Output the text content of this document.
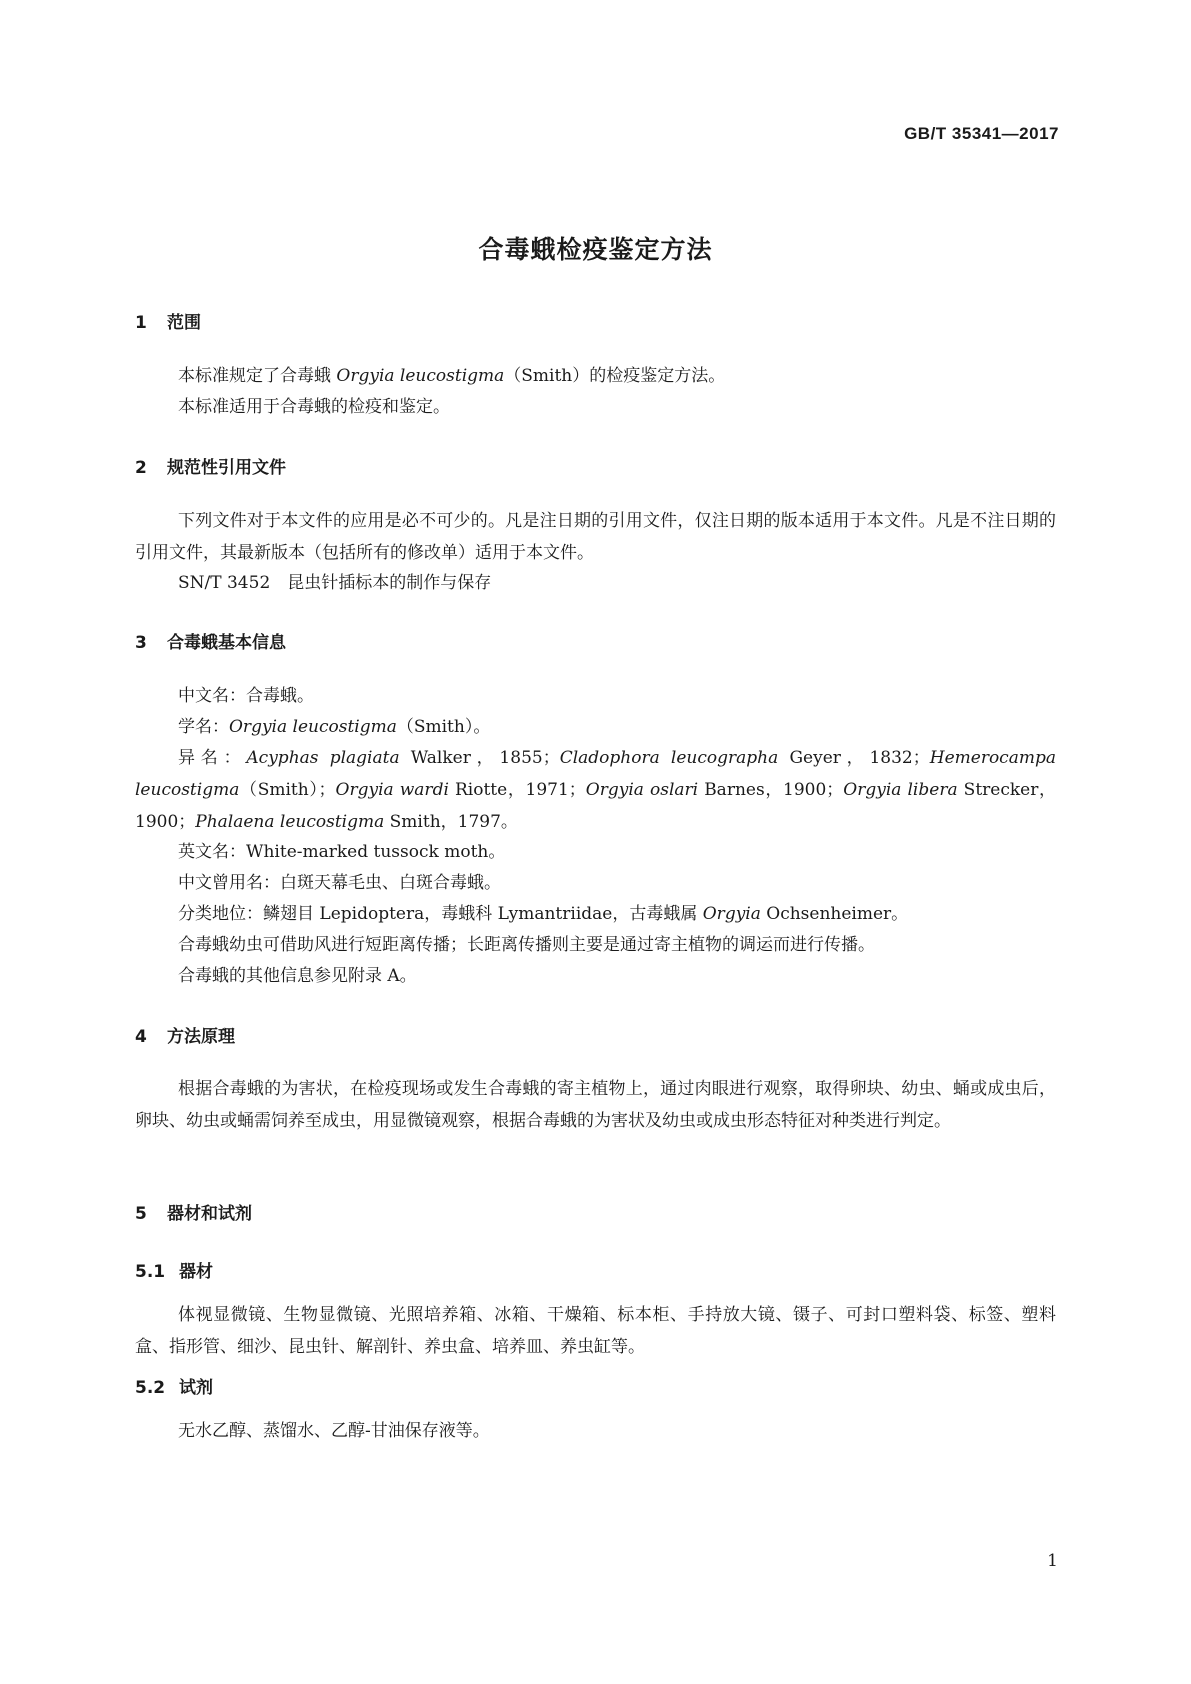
GB/T 35341—2017
合毒蛾检疫鉴定方法
1 范围
本标准规定了合毒蛾 Orgyia leucostigma（Smith）的检疫鉴定方法。
本标准适用于合毒蛾的检疫和鉴定。
2 规范性引用文件
下列文件对于本文件的应用是必不可少的。凡是注日期的引用文件，仅注日期的版本适用于本文件。凡是不注日期的引用文件，其最新版本（包括所有的修改单）适用于本文件。
SN/T 3452　昆虫针插标本的制作与保存
3 合毒蛾基本信息
中文名：合毒蛾。
学名：Orgyia leucostigma（Smith）。
异名：Acyphas plagiata Walker，1855；Cladophora leucographa Geyer，1832；Hemerocampa leucostigma（Smith）；Orgyia wardi Riotte，1971；Orgyia oslari Barnes，1900；Orgyia libera Strecker，1900；Phalaena leucostigma Smith，1797。
英文名：White-marked tussock moth。
中文曾用名：白斑天幕毛虫、白斑合毒蛾。
分类地位：鳞翅目 Lepidoptera，毒蛾科 Lymantriidae，古毒蛾属 Orgyia Ochsenheimer。
合毒蛾幼虫可借助风进行短距离传播；长距离传播则主要是通过寄主植物的调运而进行传播。
合毒蛾的其他信息参见附录 A。
4 方法原理
根据合毒蛾的为害状，在检疫现场或发生合毒蛾的寄主植物上，通过肉眼进行观察，取得卵块、幼虫、蛹或成虫后，卵块、幼虫或蛹需饲养至成虫，用显微镜观察，根据合毒蛾的为害状及幼虫或成虫形态特征对种类进行判定。
5 器材和试剂
5.1 器材
体视显微镜、生物显微镜、光照培养箱、冰箱、干燥箱、标本柜、手持放大镜、镊子、可封口塑料袋、标签、塑料盒、指形管、细沙、昆虫针、解剖针、养虫盒、培养皿、养虫缸等。
5.2 试剂
无水乙醇、蒸馏水、乙醇-甘油保存液等。
1
